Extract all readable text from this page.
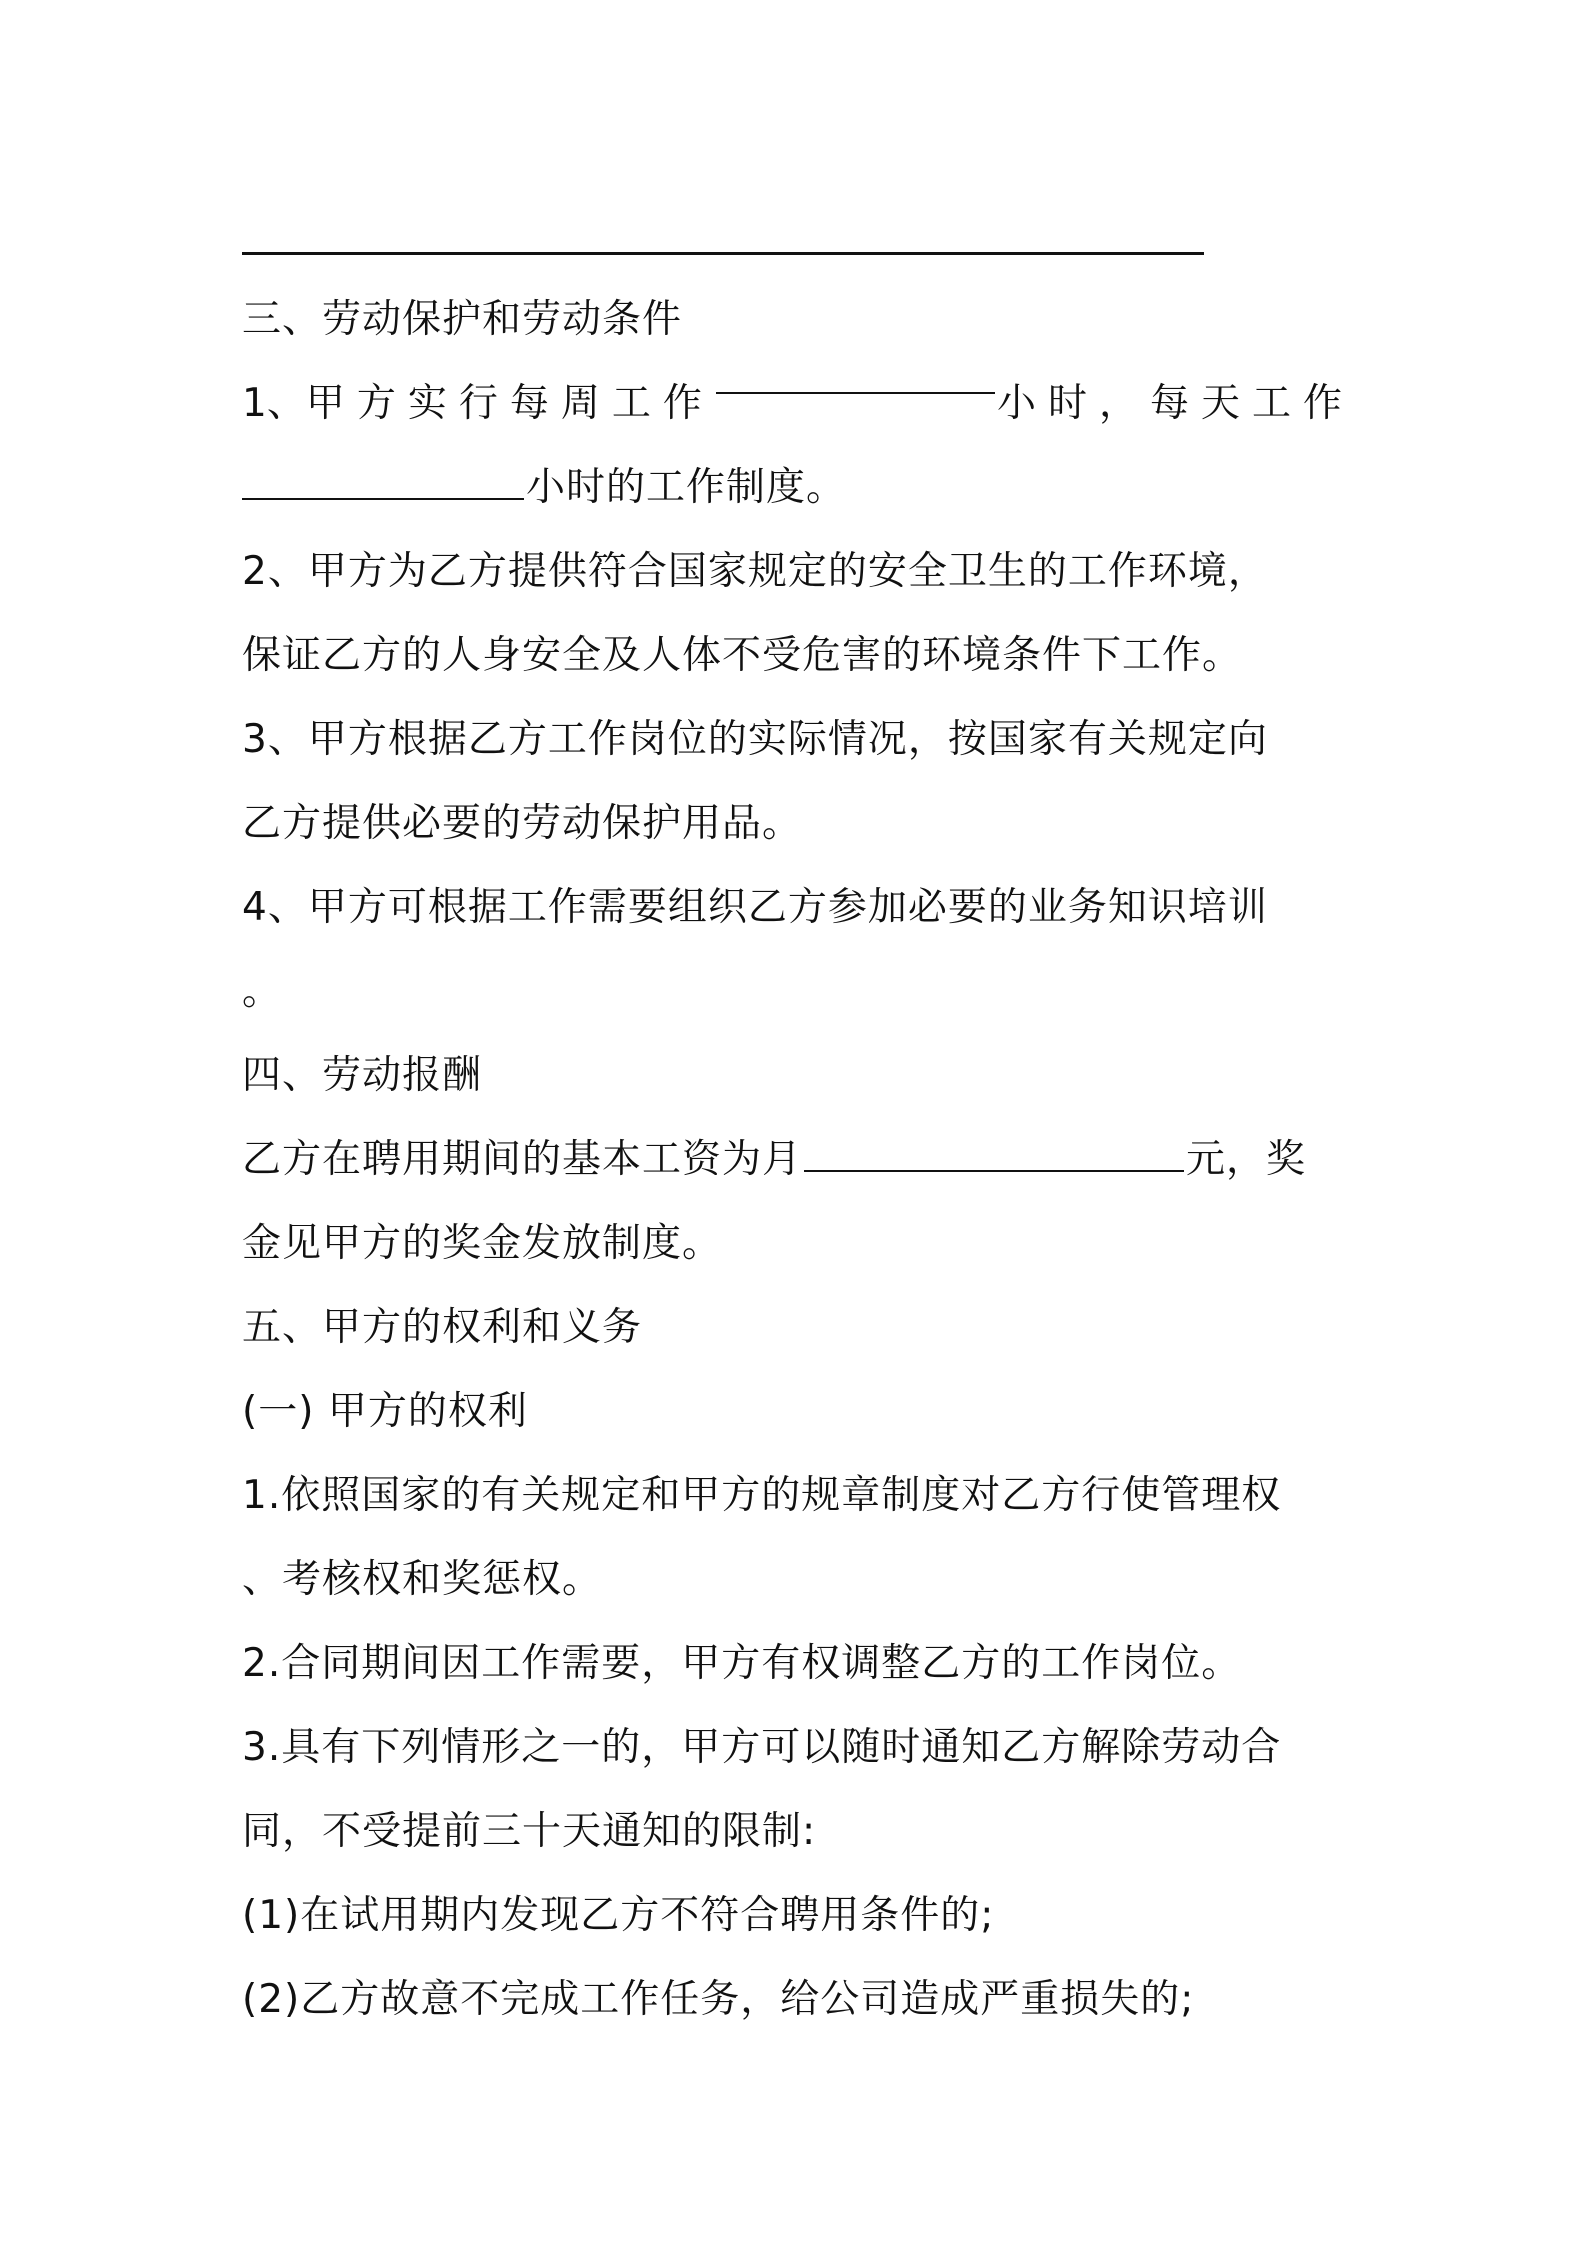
三、劳动保护和劳动条件
1、 甲方实行每周工作	小时，每天工作
小时的工作制度。
2、甲方为乙方提供符合国家规定的安全卫生的工作环境，
保证乙方的人身安全及人体不受危害的环境条件下工作。
3、甲方根据乙方工作岗位的实际情况，按国家有关规定向
乙方提供必要的劳动保护用品。
4、甲方可根据工作需要组织乙方参加必要的业务知识培训
。
四、劳动报酬
乙方在聘用期间的基本工资为月	元，奖
金见甲方的奖金发放制度。
五、甲方的权利和义务
(一) 甲方的权利
1.依照国家的有关规定和甲方的规章制度对乙方行使管理权
、考核权和奖惩权。
2.合同期间因工作需要，甲方有权调整乙方的工作岗位。
3.具有下列情形之一的，甲方可以随时通知乙方解除劳动合
同，不受提前三十天通知的限制:
(1)在试用期内发现乙方不符合聘用条件的;
(2)乙方故意不完成工作任务，给公司造成严重损失的;
